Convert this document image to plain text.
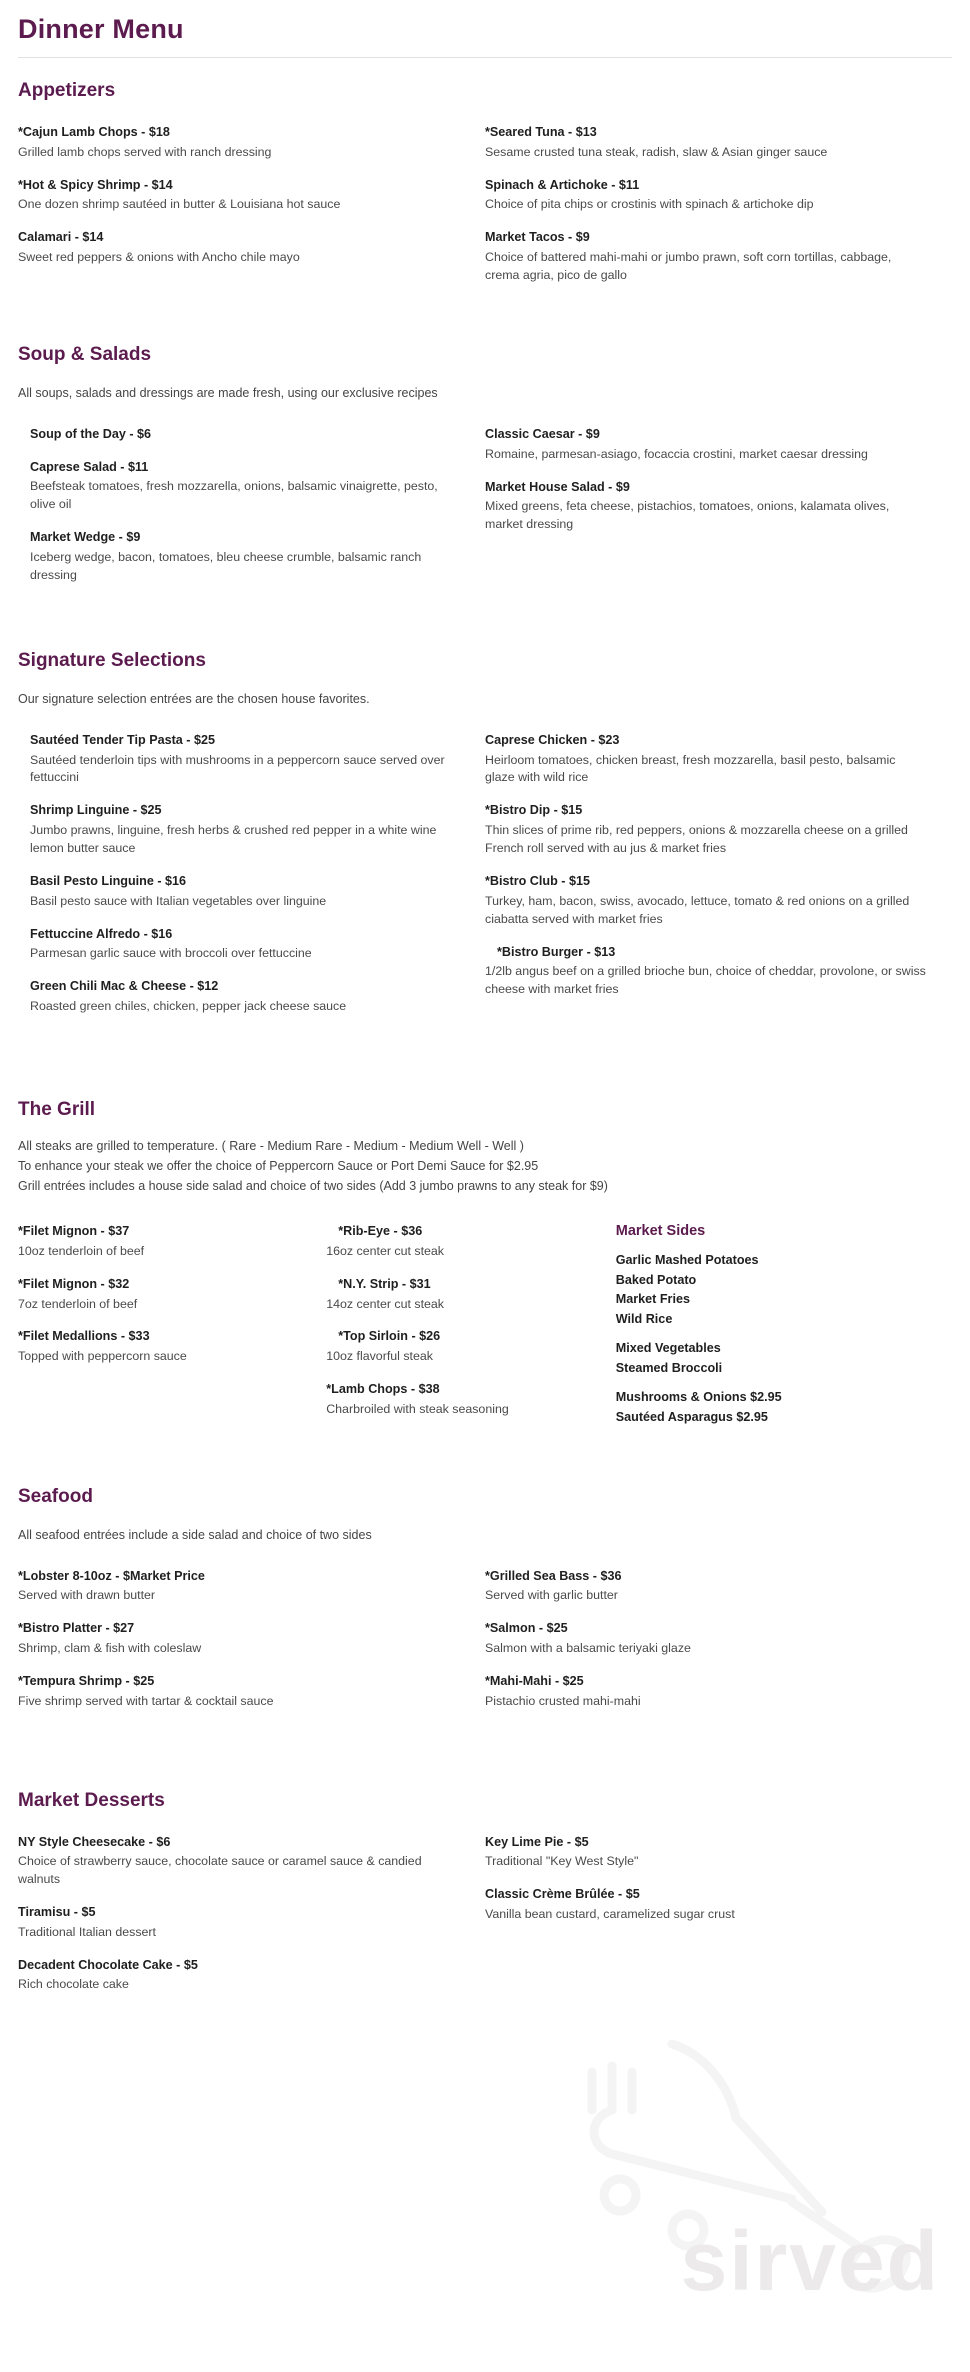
Dinner Menu
Appetizers
*Cajun Lamb Chops - $18
Grilled lamb chops served with ranch dressing
*Hot & Spicy Shrimp - $14
One dozen shrimp sautéed in butter & Louisiana hot sauce
Calamari - $14
Sweet red peppers & onions with Ancho chile mayo
*Seared Tuna - $13
Sesame crusted tuna steak, radish, slaw & Asian ginger sauce
Spinach & Artichoke - $11
Choice of pita chips or crostinis with spinach & artichoke dip
Market Tacos - $9
Choice of battered mahi-mahi or jumbo prawn, soft corn tortillas, cabbage, crema agria, pico de gallo
Soup & Salads
All soups, salads and dressings are made fresh, using our exclusive recipes
Soup of the Day - $6
Caprese Salad - $11
Beefsteak tomatoes, fresh mozzarella, onions, balsamic vinaigrette, pesto, olive oil
Market Wedge - $9
Iceberg wedge, bacon, tomatoes, bleu cheese crumble, balsamic ranch dressing
Classic Caesar - $9
Romaine, parmesan-asiago, focaccia crostini, market caesar dressing
Market House Salad - $9
Mixed greens, feta cheese, pistachios, tomatoes, onions, kalamata olives, market dressing
Signature Selections
Our signature selection entrées are the chosen house favorites.
Sautéed Tender Tip Pasta - $25
Sautéed tenderloin tips with mushrooms in a peppercorn sauce served over fettuccini
Shrimp Linguine - $25
Jumbo prawns, linguine, fresh herbs & crushed red pepper in a white wine lemon butter sauce
Basil Pesto Linguine - $16
Basil pesto sauce with Italian vegetables over linguine
Fettuccine Alfredo - $16
Parmesan garlic sauce with broccoli over fettuccine
Green Chili Mac & Cheese - $12
Roasted green chiles, chicken, pepper jack cheese sauce
Caprese Chicken - $23
Heirloom tomatoes, chicken breast, fresh mozzarella, basil pesto, balsamic glaze with wild rice
*Bistro Dip - $15
Thin slices of prime rib, red peppers, onions & mozzarella cheese on a grilled French roll served with au jus & market fries
*Bistro Club - $15
Turkey, ham, bacon, swiss, avocado, lettuce, tomato & red onions on a grilled ciabatta served with market fries
*Bistro Burger - $13
1/2lb angus beef on a grilled brioche bun, choice of cheddar, provolone, or swiss cheese with market fries
The Grill
All steaks are grilled to temperature. ( Rare - Medium Rare - Medium - Medium Well - Well )
To enhance your steak we offer the choice of Peppercorn Sauce or Port Demi Sauce for $2.95
Grill entrées includes a house side salad and choice of two sides (Add 3 jumbo prawns to any steak for $9)
*Filet Mignon - $37
10oz tenderloin of beef
*Filet Mignon - $32
7oz tenderloin of beef
*Filet Medallions - $33
Topped with peppercorn sauce
*Rib-Eye - $36
16oz center cut steak
*N.Y. Strip - $31
14oz center cut steak
*Top Sirloin - $26
10oz flavorful steak
*Lamb Chops - $38
Charbroiled with steak seasoning
Market Sides
Garlic Mashed Potatoes
Baked Potato
Market Fries
Wild Rice
Mixed Vegetables
Steamed Broccoli
Mushrooms & Onions $2.95
Sautéed Asparagus $2.95
Seafood
All seafood entrées include a side salad and choice of two sides
*Lobster 8-10oz - $Market Price
Served with drawn butter
*Bistro Platter - $27
Shrimp, clam & fish with coleslaw
*Tempura Shrimp - $25
Five shrimp served with tartar & cocktail sauce
*Grilled Sea Bass - $36
Served with garlic butter
*Salmon - $25
Salmon with a balsamic teriyaki glaze
*Mahi-Mahi - $25
Pistachio crusted mahi-mahi
Market Desserts
NY Style Cheesecake - $6
Choice of strawberry sauce, chocolate sauce or caramel sauce & candied walnuts
Tiramisu - $5
Traditional Italian dessert
Decadent Chocolate Cake - $5
Rich chocolate cake
Key Lime Pie - $5
Traditional "Key West Style"
Classic Crème Brûlée - $5
Vanilla bean custard, caramelized sugar crust
sirved
